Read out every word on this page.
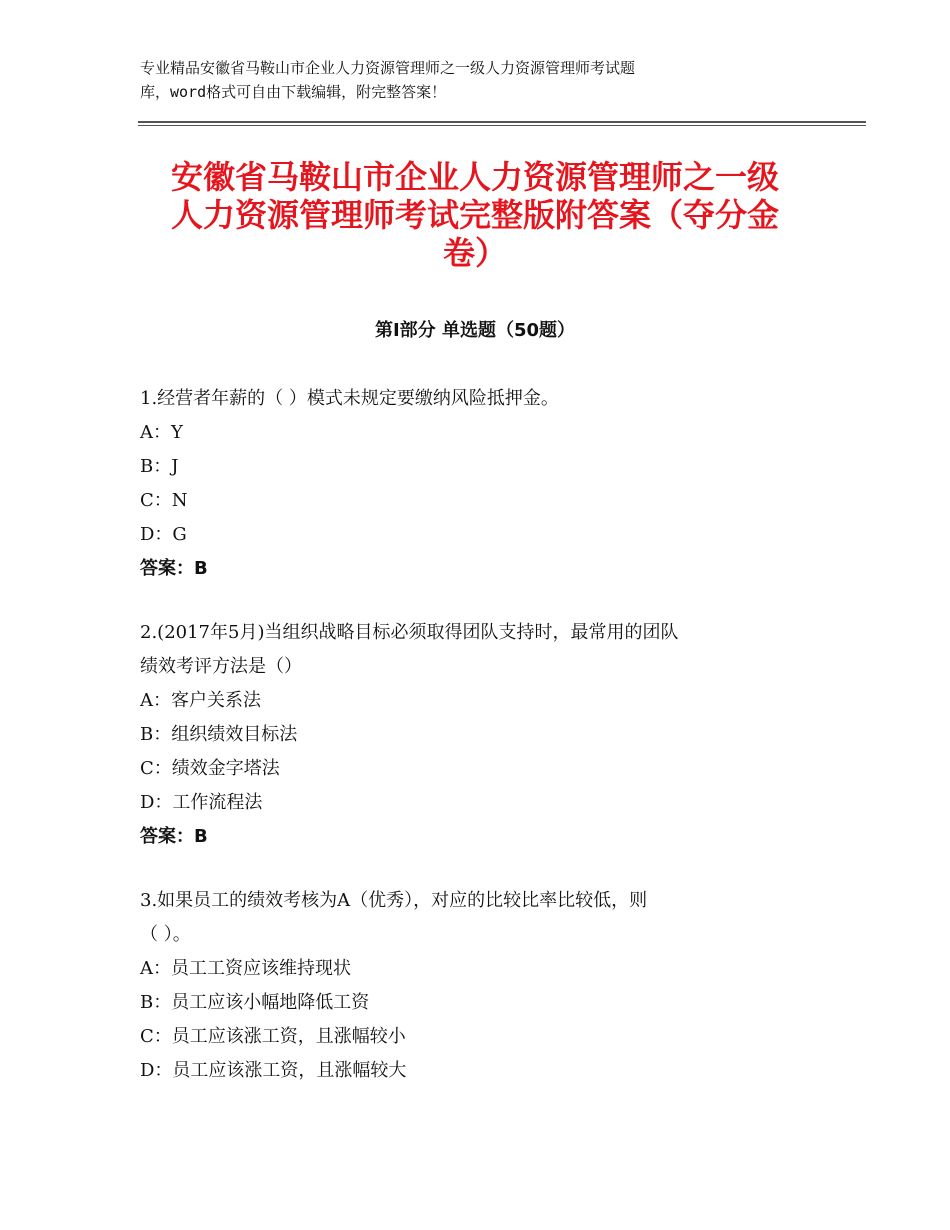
专业精品安徽省马鞍山市企业人力资源管理师之一级人力资源管理师考试题
库，word格式可自由下载编辑，附完整答案！
安徽省马鞍山市企业人力资源管理师之一级
人力资源管理师考试完整版附答案（夺分金
卷）
第Ⅰ部分 单选题（50题）
1.经营者年薪的（ ）模式未规定要缴纳风险抵押金。
A：Y
B：J
C：N
D：G
答案：B
2.(2017年5月)当组织战略目标必须取得团队支持时，最常用的团队
绩效考评方法是（）
A：客户关系法
B：组织绩效目标法
C：绩效金字塔法
D：工作流程法
答案：B
3.如果员工的绩效考核为A（优秀），对应的比较比率比较低，则
（ ）。
A：员工工资应该维持现状
B：员工应该小幅地降低工资
C：员工应该涨工资，且涨幅较小
D：员工应该涨工资，且涨幅较大
